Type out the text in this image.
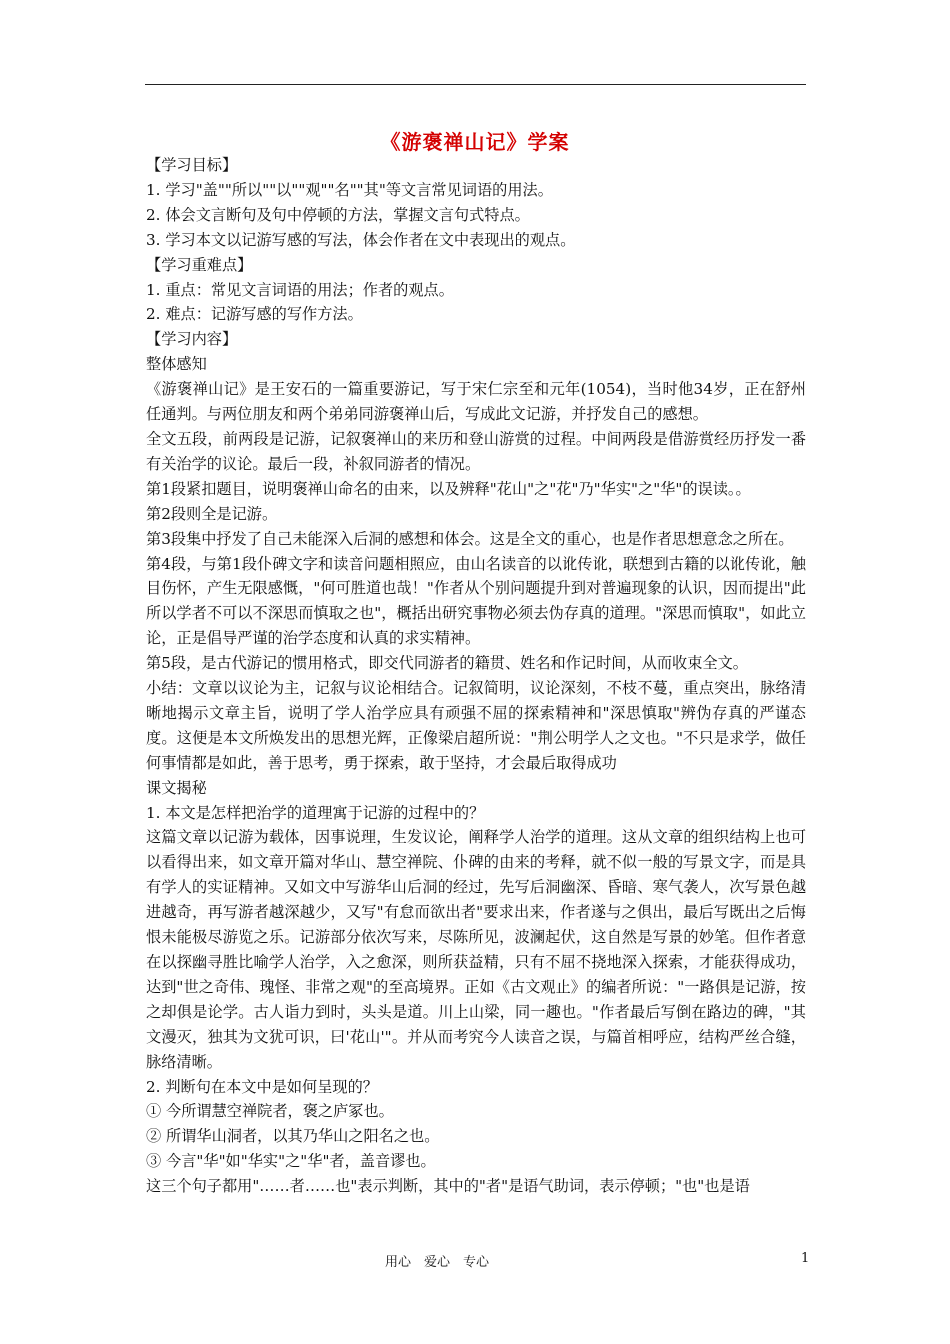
《游褒禅山记》学案

【学习目标】

1. 学习"盖""所以""以""观""名""其"等文言常见词语的用法。

2. 体会文言断句及句中停顿的方法，掌握文言句式特点。

3. 学习本文以记游写感的写法，体会作者在文中表现出的观点。

【学习重难点】

1. 重点：常见文言词语的用法；作者的观点。

2. 难点：记游写感的写作方法。

【学习内容】

整体感知

《游褒禅山记》是王安石的一篇重要游记，写于宋仁宗至和元年(1054)，当时他34岁，正在舒州任通判。与两位朋友和两个弟弟同游褒禅山后，写成此文记游，并抒发自己的感想。

全文五段，前两段是记游，记叙褒禅山的来历和登山游赏的过程。中间两段是借游赏经历抒发一番有关治学的议论。最后一段，补叙同游者的情况。

第1段紧扣题目，说明褒禅山命名的由来，以及辨释"花山"之"花"乃"华实"之"华"的误读。。

第2段则全是记游。

第3段集中抒发了自己未能深入后洞的感想和体会。这是全文的重心，也是作者思想意念之所在。

第4段，与第1段仆碑文字和读音问题相照应，由山名读音的以讹传讹，联想到古籍的以讹传讹，触目伤怀，产生无限感慨，"何可胜道也哉！"作者从个别问题提升到对普遍现象的认识，因而提出"此所以学者不可以不深思而慎取之也"，概括出研究事物必须去伪存真的道理。"深思而慎取"，如此立论，正是倡导严谨的治学态度和认真的求实精神。

第5段，是古代游记的惯用格式，即交代同游者的籍贯、姓名和作记时间，从而收束全文。

小结：文章以议论为主，记叙与议论相结合。记叙简明，议论深刻，不枝不蔓，重点突出，脉络清晰地揭示文章主旨，说明了学人治学应具有顽强不屈的探索精神和"深思慎取"辨伪存真的严谨态度。这便是本文所焕发出的思想光辉，正像梁启超所说："荆公明学人之文也。"不只是求学，做任何事情都是如此，善于思考，勇于探索，敢于坚持，才会最后取得成功

课文揭秘

1. 本文是怎样把治学的道理寓于记游的过程中的？

这篇文章以记游为载体，因事说理，生发议论，阐释学人治学的道理。这从文章的组织结构上也可以看得出来，如文章开篇对华山、慧空禅院、仆碑的由来的考释，就不似一般的写景文字，而是具有学人的实证精神。又如文中写游华山后洞的经过，先写后洞幽深、昏暗、寒气袭人，次写景色越进越奇，再写游者越深越少，又写"有怠而欲出者"要求出来，作者遂与之俱出，最后写既出之后悔恨未能极尽游览之乐。记游部分依次写来，尽陈所见，波澜起伏，这自然是写景的妙笔。但作者意在以探幽寻胜比喻学人治学，入之愈深，则所获益精，只有不屈不挠地深入探索，才能获得成功，达到"世之奇伟、瑰怪、非常之观"的至高境界。正如《古文观止》的编者所说："一路俱是记游，按之却俱是论学。古人诣力到时，头头是道。川上山梁，同一趣也。"作者最后写倒在路边的碑，"其文漫灭，独其为文犹可识，曰'花山'"。并从而考究今人读音之误，与篇首相呼应，结构严丝合缝，脉络清晰。

2. 判断句在本文中是如何呈现的？

① 今所谓慧空禅院者，褒之庐冢也。

② 所谓华山洞者，以其乃华山之阳名之也。

③ 今言"华"如"华实"之"华"者，盖音谬也。

这三个句子都用"……者……也"表示判断，其中的"者"是语气助词，表示停顿；"也"也是语

用心　爱心　专心	1
